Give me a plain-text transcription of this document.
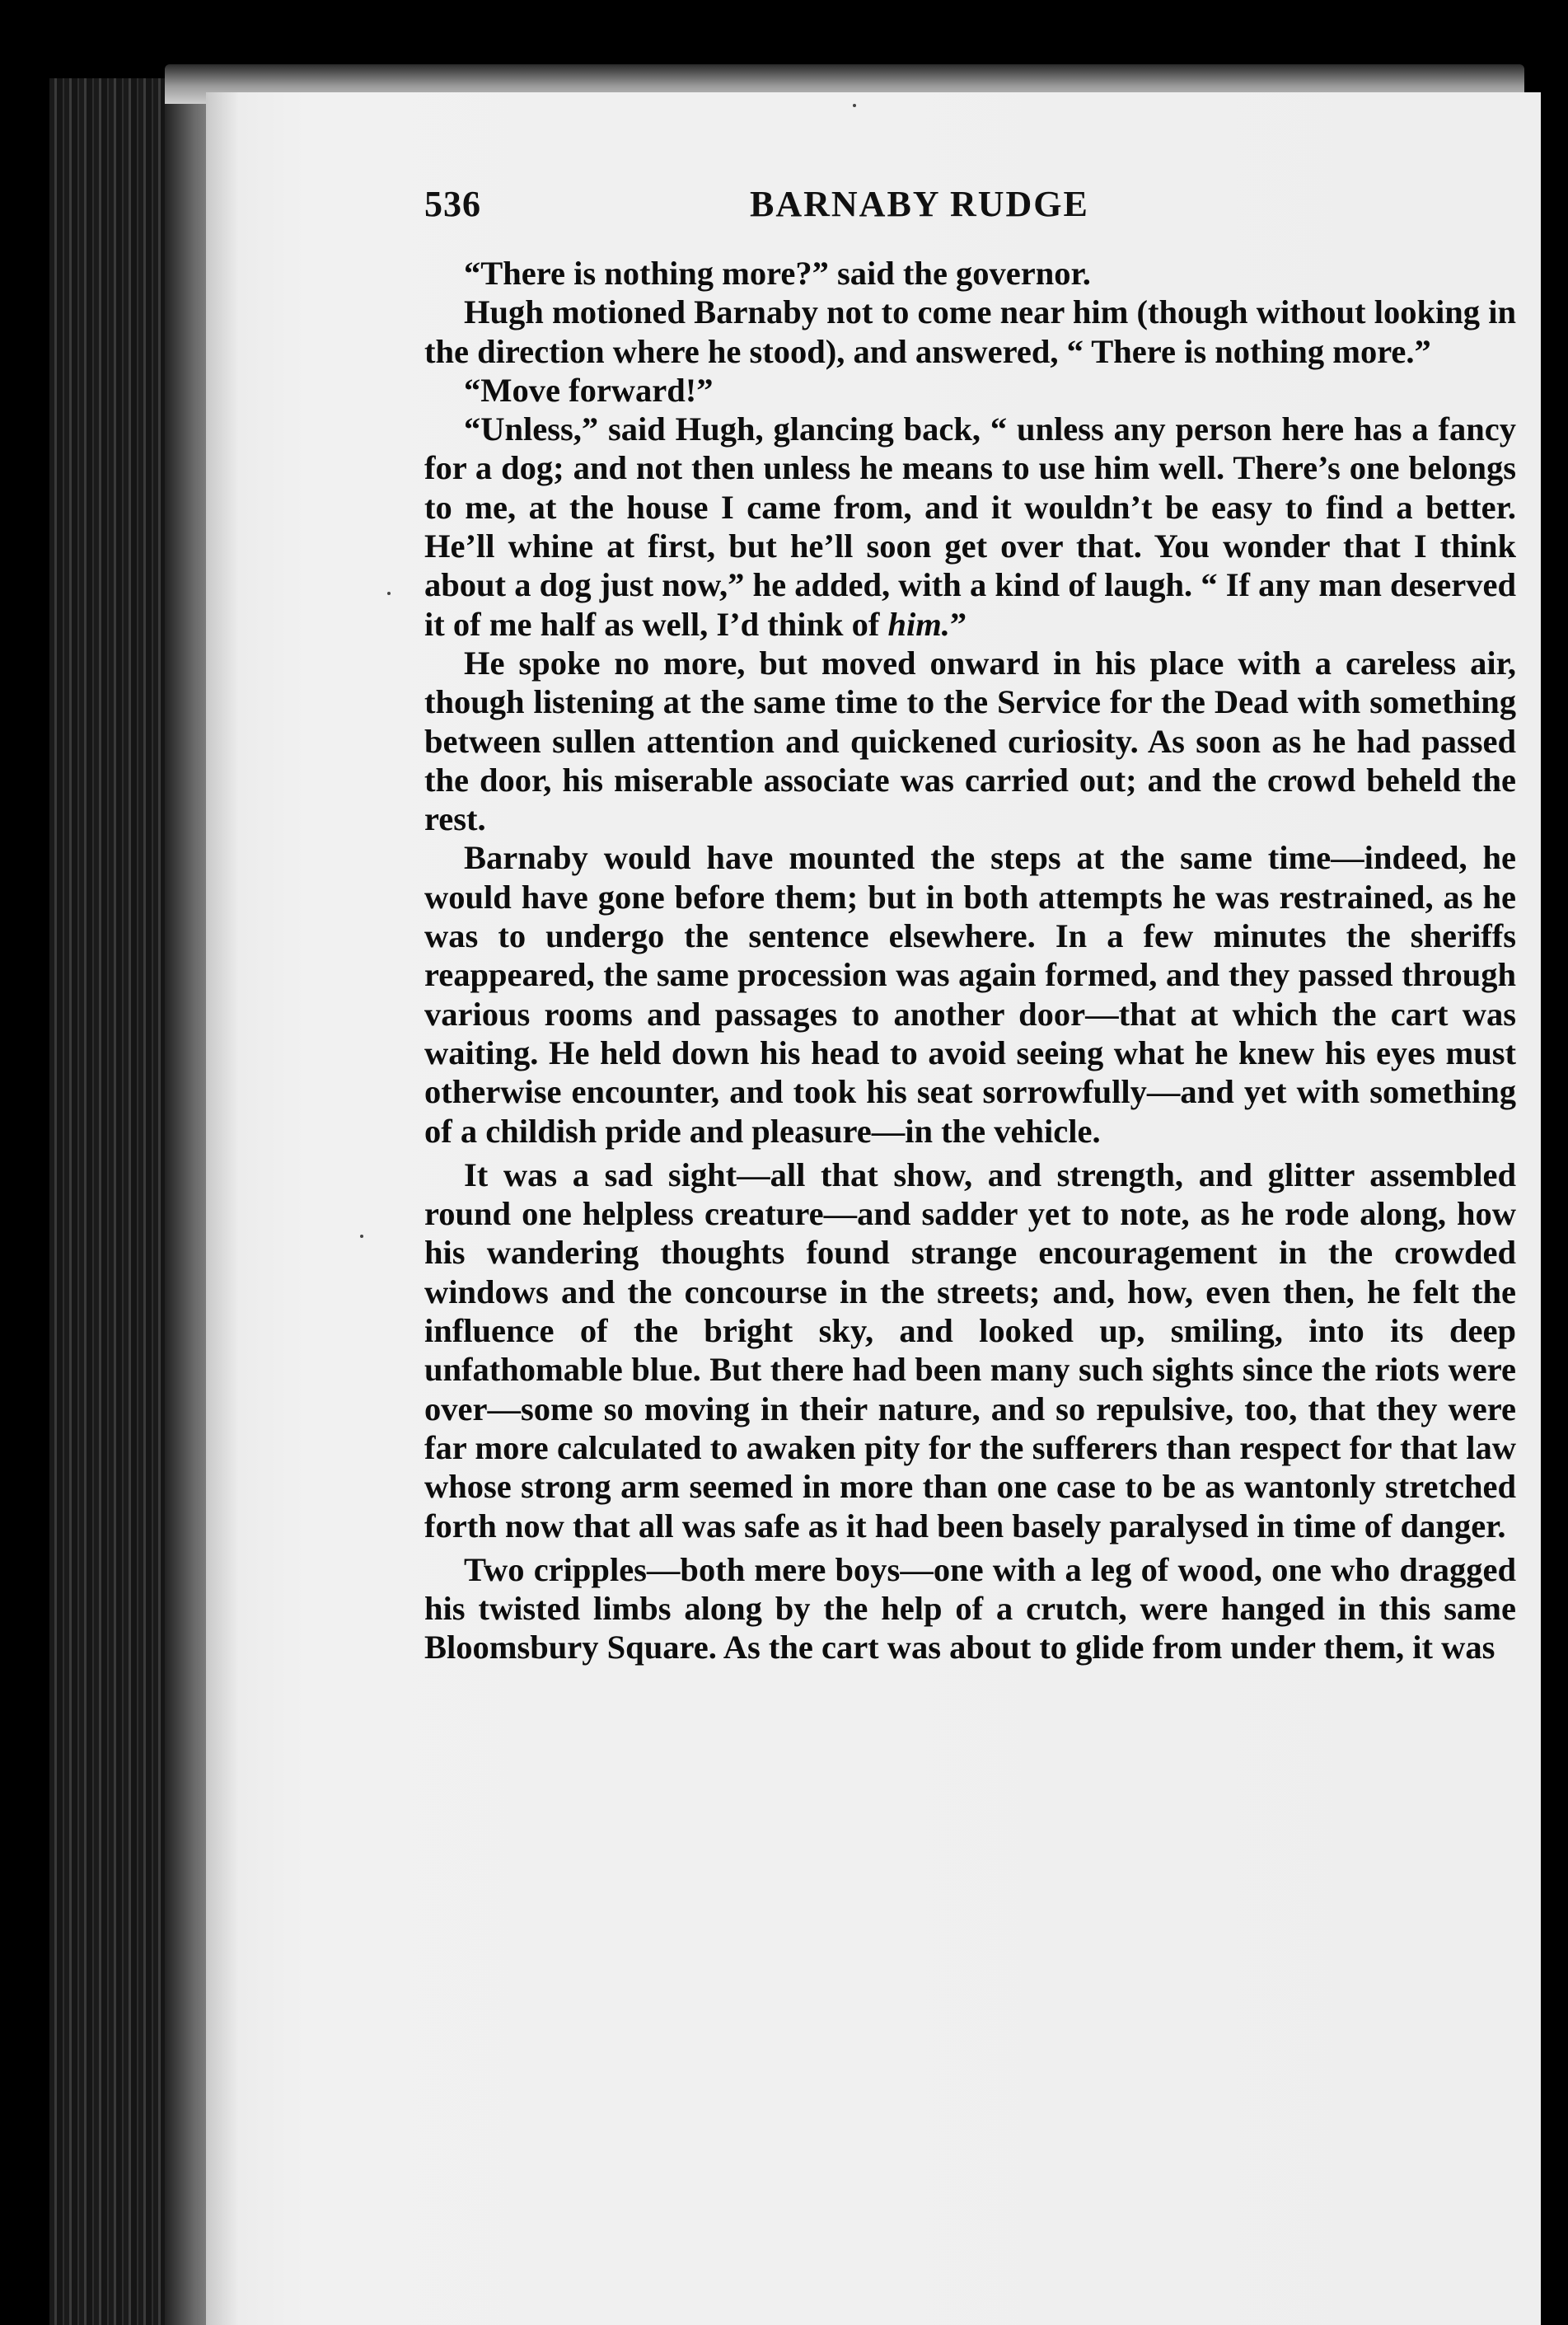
536	BARNABY RUDGE

“There is nothing more?” said the governor.

Hugh motioned Barnaby not to come near him (though without looking in the direction where he stood), and answered, “ There is nothing more.”

“Move forward!”

“Unless,” said Hugh, glancing back, “ unless any person here has a fancy for a dog; and not then unless he means to use him well. There’s one belongs to me, at the house I came from, and it wouldn’t be easy to find a better. He’ll whine at first, but he’ll soon get over that. You wonder that I think about a dog just now,” he added, with a kind of laugh. “ If any man deserved it of me half as well, I’d think of him.”

He spoke no more, but moved onward in his place with a careless air, though listening at the same time to the Service for the Dead with something between sullen attention and quickened curiosity. As soon as he had passed the door, his miserable associate was carried out; and the crowd beheld the rest.

Barnaby would have mounted the steps at the same time—indeed, he would have gone before them; but in both attempts he was restrained, as he was to undergo the sentence elsewhere. In a few minutes the sheriffs reappeared, the same procession was again formed, and they passed through various rooms and passages to another door—that at which the cart was waiting. He held down his head to avoid seeing what he knew his eyes must otherwise encounter, and took his seat sorrowfully—and yet with something of a childish pride and pleasure—in the vehicle.

It was a sad sight—all that show, and strength, and glitter assembled round one helpless creature—and sadder yet to note, as he rode along, how his wandering thoughts found strange encouragement in the crowded windows and the concourse in the streets; and, how, even then, he felt the influence of the bright sky, and looked up, smiling, into its deep unfathomable blue. But there had been many such sights since the riots were over—some so moving in their nature, and so repulsive, too, that they were far more calculated to awaken pity for the sufferers than respect for that law whose strong arm seemed in more than one case to be as wantonly stretched forth now that all was safe as it had been basely paralysed in time of danger.

Two cripples—both mere boys—one with a leg of wood, one who dragged his twisted limbs along by the help of a crutch, were hanged in this same Bloomsbury Square. As the cart was about to glide from under them, it was
